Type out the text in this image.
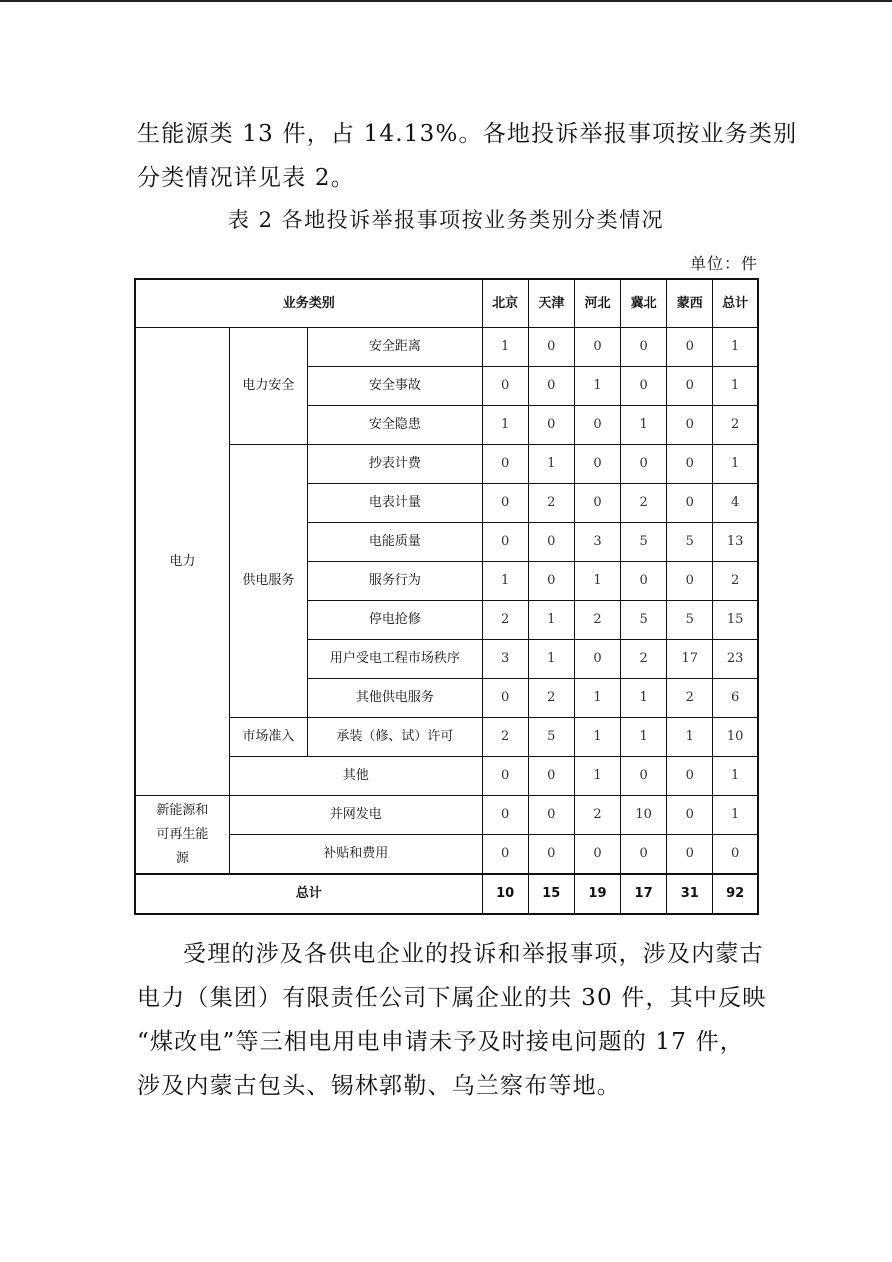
生能源类 13 件，占 14.13%。各地投诉举报事项按业务类别
分类情况详见表 2。
表 2 各地投诉举报事项按业务类别分类情况
单位：件
业务类别			北京	天津	河北	冀北	蒙西	总计
电力	电力安全	安全距离	1	0	0	0	0	1
		安全事故	0	0	1	0	0	1
		安全隐患	1	0	0	1	0	2
	供电服务	抄表计费	0	1	0	0	0	1
		电表计量	0	2	0	2	0	4
		电能质量	0	0	3	5	5	13
		服务行为	1	0	1	0	0	2
		停电抢修	2	1	2	5	5	15
		用户受电工程市场秩序	3	1	0	2	17	23
		其他供电服务	0	2	1	1	2	6
	市场准入	承装（修、试）许可	2	5	1	1	1	10
	其他		0	0	1	0	0	1
新能源和可再生能源	并网发电		0	0	2	10	0	1
	补贴和费用		0	0	0	0	0	0
总计			10	15	19	17	31	92
受理的涉及各供电企业的投诉和举报事项，涉及内蒙古
电力（集团）有限责任公司下属企业的共 30 件，其中反映
“煤改电”等三相电用电申请未予及时接电问题的 17 件，
涉及内蒙古包头、锡林郭勒、乌兰察布等地。
